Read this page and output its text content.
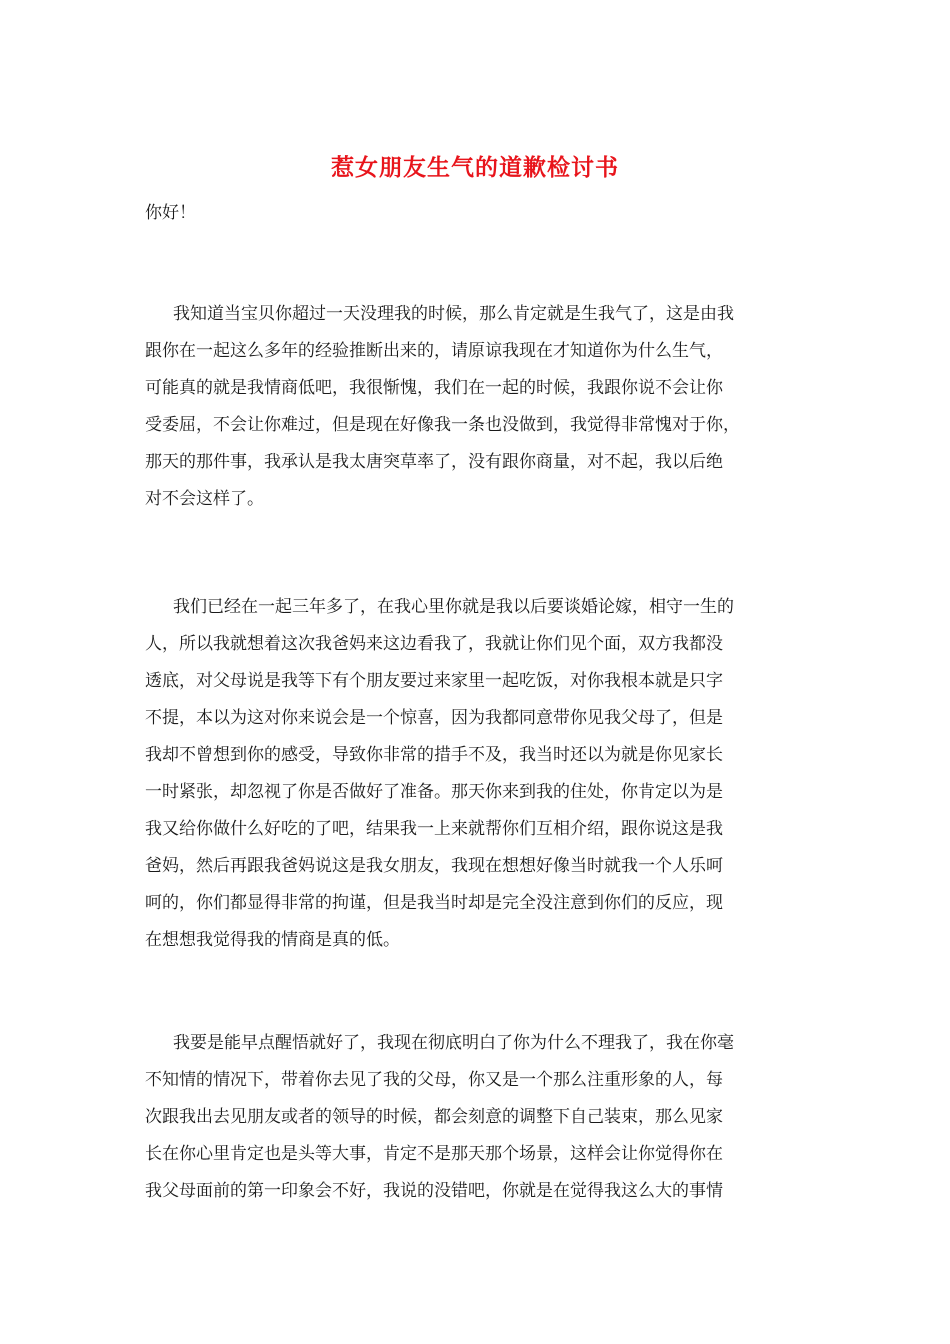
惹女朋友生气的道歉检讨书
你好！
我知道当宝贝你超过一天没理我的时候，那么肯定就是生我气了，这是由我
跟你在一起这么多年的经验推断出来的，请原谅我现在才知道你为什么生气，
可能真的就是我情商低吧，我很惭愧，我们在一起的时候，我跟你说不会让你
受委屈，不会让你难过，但是现在好像我一条也没做到，我觉得非常愧对于你，
那天的那件事，我承认是我太唐突草率了，没有跟你商量，对不起，我以后绝
对不会这样了。
我们已经在一起三年多了，在我心里你就是我以后要谈婚论嫁，相守一生的
人，所以我就想着这次我爸妈来这边看我了，我就让你们见个面，双方我都没
透底，对父母说是我等下有个朋友要过来家里一起吃饭，对你我根本就是只字
不提，本以为这对你来说会是一个惊喜，因为我都同意带你见我父母了，但是
我却不曾想到你的感受，导致你非常的措手不及，我当时还以为就是你见家长
一时紧张，却忽视了你是否做好了准备。那天你来到我的住处，你肯定以为是
我又给你做什么好吃的了吧，结果我一上来就帮你们互相介绍，跟你说这是我
爸妈，然后再跟我爸妈说这是我女朋友，我现在想想好像当时就我一个人乐呵
呵的，你们都显得非常的拘谨，但是我当时却是完全没注意到你们的反应，现
在想想我觉得我的情商是真的低。
我要是能早点醒悟就好了，我现在彻底明白了你为什么不理我了，我在你毫
不知情的情况下，带着你去见了我的父母，你又是一个那么注重形象的人，每
次跟我出去见朋友或者的领导的时候，都会刻意的调整下自己装束，那么见家
长在你心里肯定也是头等大事，肯定不是那天那个场景，这样会让你觉得你在
我父母面前的第一印象会不好，我说的没错吧，你就是在觉得我这么大的事情
